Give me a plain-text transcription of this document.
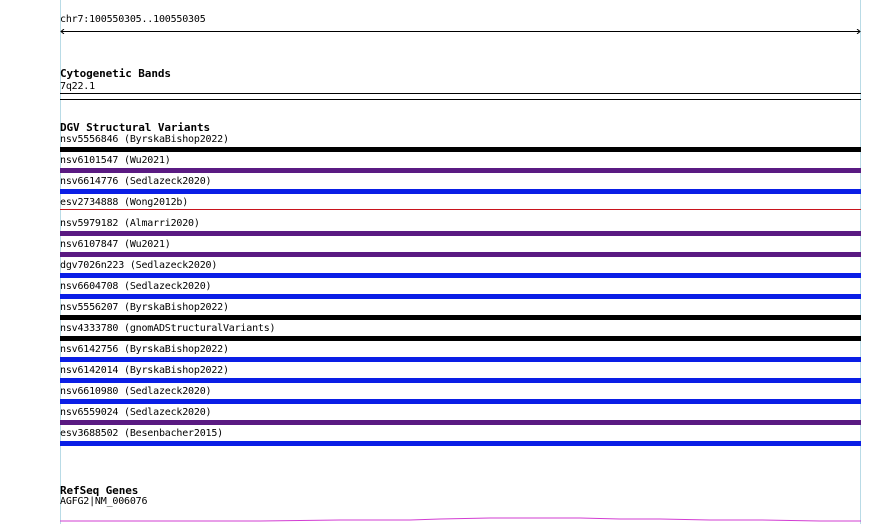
chr7:100550305..100550305
Cytogenetic Bands
7q22.1
DGV Structural Variants
nsv5556846 (ByrskaBishop2022)
nsv6101547 (Wu2021)
nsv6614776 (Sedlazeck2020)
esv2734888 (Wong2012b)
nsv5979182 (Almarri2020)
nsv6107847 (Wu2021)
dgv7026n223 (Sedlazeck2020)
nsv6604708 (Sedlazeck2020)
nsv5556207 (ByrskaBishop2022)
nsv4333780 (gnomADStructuralVariants)
nsv6142756 (ByrskaBishop2022)
nsv6142014 (ByrskaBishop2022)
nsv6610980 (Sedlazeck2020)
nsv6559024 (Sedlazeck2020)
esv3688502 (Besenbacher2015)
RefSeq Genes
AGFG2|NM_006076
